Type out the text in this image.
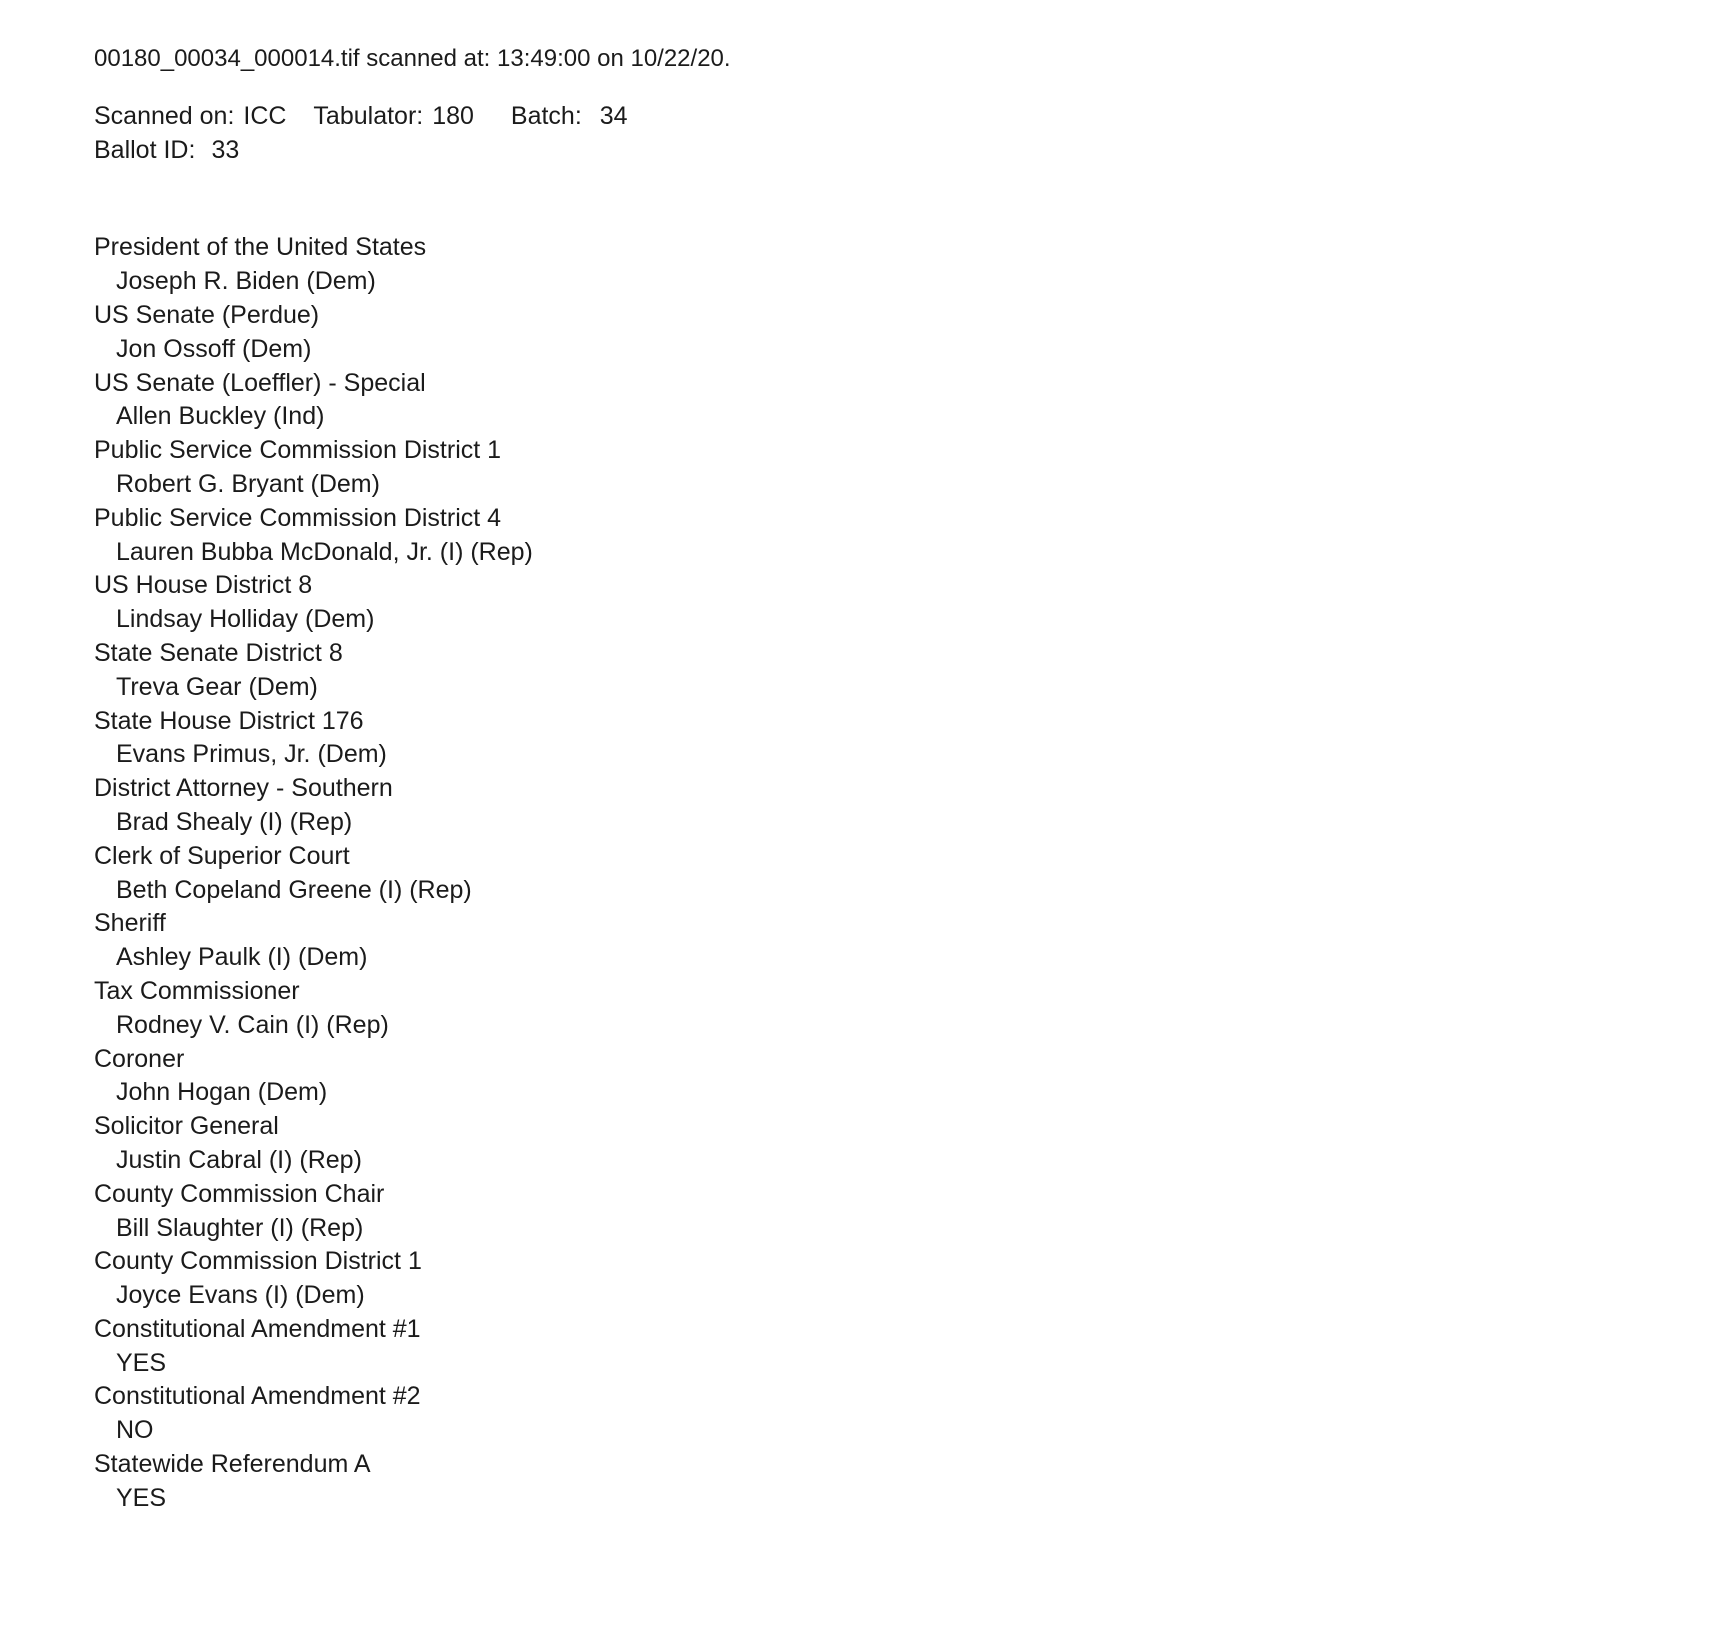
00180_00034_000014.tif scanned at: 13:49:00 on 10/22/20.
Scanned on: ICC Tabulator: 180 Batch: 34
Ballot ID: 33
President of the United States
Joseph R. Biden (Dem)
US Senate (Perdue)
Jon Ossoff (Dem)
US Senate (Loeffler) - Special
Allen Buckley (Ind)
Public Service Commission District 1
Robert G. Bryant (Dem)
Public Service Commission District 4
Lauren Bubba McDonald, Jr. (I) (Rep)
US House District 8
Lindsay Holliday (Dem)
State Senate District 8
Treva Gear (Dem)
State House District 176
Evans Primus, Jr. (Dem)
District Attorney - Southern
Brad Shealy (I) (Rep)
Clerk of Superior Court
Beth Copeland Greene (I) (Rep)
Sheriff
Ashley Paulk (I) (Dem)
Tax Commissioner
Rodney V. Cain (I) (Rep)
Coroner
John Hogan (Dem)
Solicitor General
Justin Cabral (I) (Rep)
County Commission Chair
Bill Slaughter (I) (Rep)
County Commission District 1
Joyce Evans (I) (Dem)
Constitutional Amendment #1
YES
Constitutional Amendment #2
NO
Statewide Referendum A
YES
